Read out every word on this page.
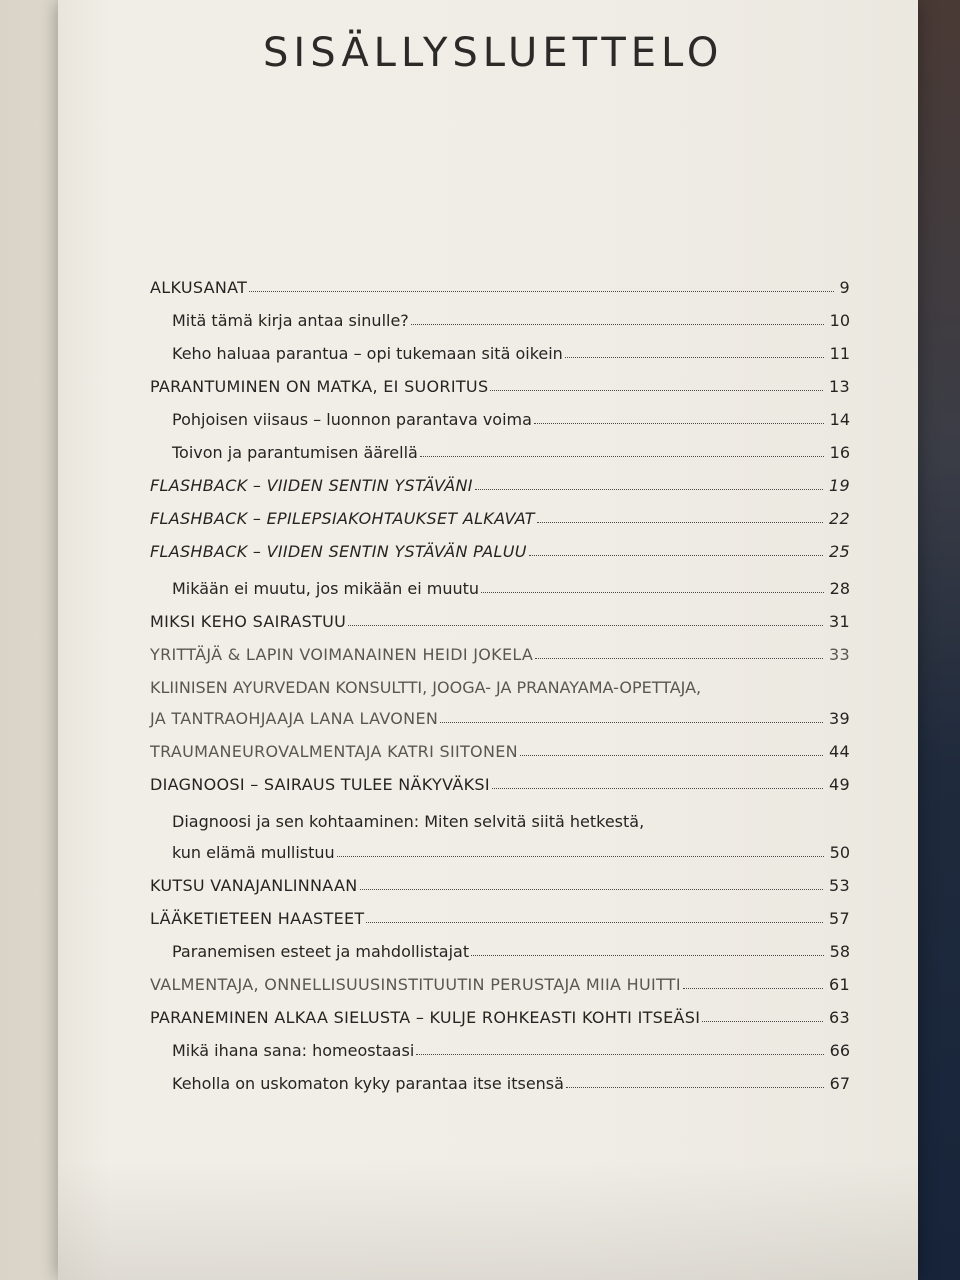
SISÄLLYSLUETTELO
ALKUSANAT	9
Mitä tämä kirja antaa sinulle?	10
Keho haluaa parantua – opi tukemaan sitä oikein	11
PARANTUMINEN ON MATKA, EI SUORITUS	13
Pohjoisen viisaus – luonnon parantava voima	14
Toivon ja parantumisen äärellä	16
FLASHBACK – VIIDEN SENTIN YSTÄVÄNI	19
FLASHBACK – EPILEPSIAKOHTAUKSET ALKAVAT	22
FLASHBACK – VIIDEN SENTIN YSTÄVÄN PALUU	25
Mikään ei muutu, jos mikään ei muutu	28
MIKSI KEHO SAIRASTUU	31
YRITTÄJÄ & LAPIN VOIMANAINEN HEIDI JOKELA	33
KLIINISEN AYURVEDAN KONSULTTI, JOOGA- JA PRANAYAMA-OPETTAJA,
JA TANTRAOHJAAJA LANA LAVONEN	39
TRAUMANEUROVALMENTAJA KATRI SIITONEN	44
DIAGNOOSI – SAIRAUS TULEE NÄKYVÄKSI	49
Diagnoosi ja sen kohtaaminen: Miten selvitä siitä hetkestä,
kun elämä mullistuu	50
KUTSU VANAJANLINNAAN	53
LÄÄKETIETEEN HAASTEET	57
Paranemisen esteet ja mahdollistajat	58
VALMENTAJA, ONNELLISUUSINSTITUUTIN PERUSTAJA MIIA HUITTI	61
PARANEMINEN ALKAA SIELUSTA – KULJE ROHKEASTI KOHTI ITSEÄSI	63
Mikä ihana sana: homeostaasi	66
Keholla on uskomaton kyky parantaa itse itsensä	67
